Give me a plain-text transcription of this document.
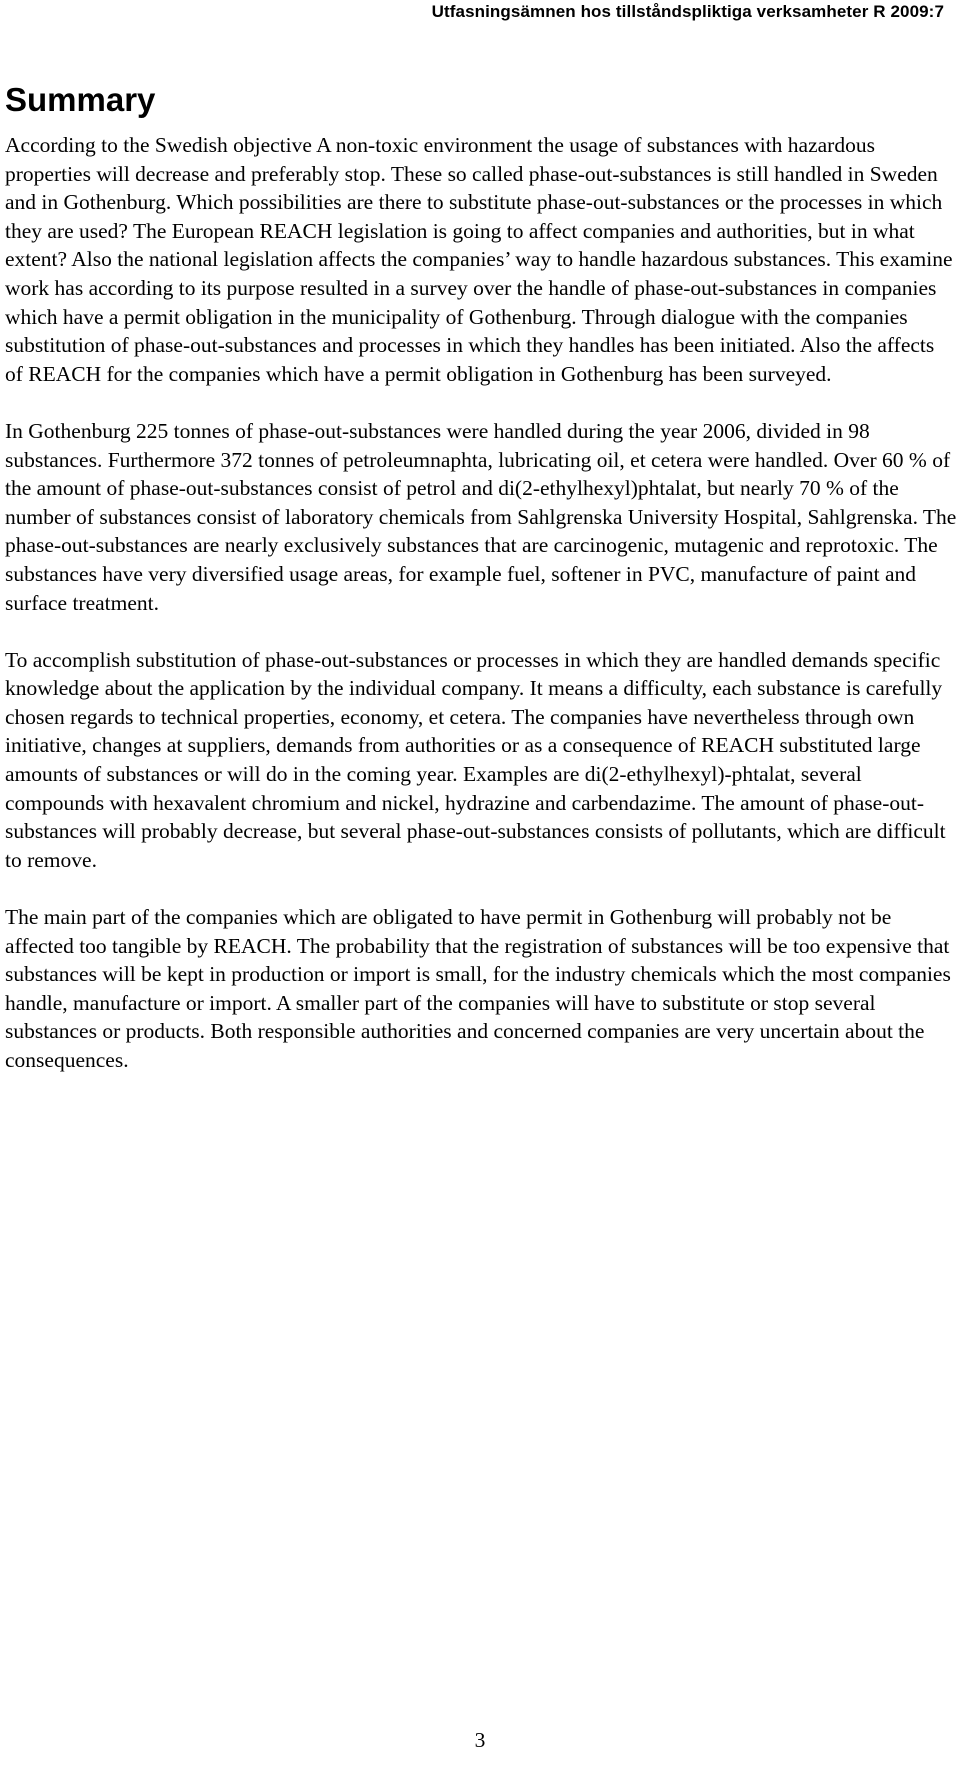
Utfasningsämnen hos tillståndspliktiga verksamheter R 2009:7
Summary

According to the Swedish objective A non-toxic environment the usage of substances with hazardous properties will decrease and preferably stop. These so called phase-out-substances is still handled in Sweden and in Gothenburg. Which possibilities are there to substitute phase-out-substances or the processes in which they are used? The European REACH legislation is going to affect companies and authorities, but in what extent? Also the national legislation affects the companies’ way to handle hazardous substances. This examine work has according to its purpose resulted in a survey over the handle of phase-out-substances in companies which have a permit obligation in the municipality of Gothenburg. Through dialogue with the companies substitution of phase-out-substances and processes in which they handles has been initiated. Also the affects of REACH for the companies which have a permit obligation in Gothenburg has been surveyed.

In Gothenburg 225 tonnes of phase-out-substances were handled during the year 2006, divided in 98 substances. Furthermore 372 tonnes of petroleumnaphta, lubricating oil, et cetera were handled. Over 60 % of the amount of phase-out-substances consist of petrol and di(2-ethylhexyl)phtalat, but nearly 70 % of the number of substances consist of laboratory chemicals from Sahlgrenska University Hospital, Sahlgrenska. The phase-out-substances are nearly exclusively substances that are carcinogenic, mutagenic and reprotoxic. The substances have very diversified usage areas, for example fuel, softener in PVC, manufacture of paint and surface treatment.

To accomplish substitution of phase-out-substances or processes in which they are handled demands specific knowledge about the application by the individual company. It means a difficulty, each substance is carefully chosen regards to technical properties, economy, et cetera. The companies have nevertheless through own initiative, changes at suppliers, demands from authorities or as a consequence of REACH substituted large amounts of substances or will do in the coming year. Examples are di(2-ethylhexyl)-phtalat, several compounds with hexavalent chromium and nickel, hydrazine and carbendazime. The amount of phase-out-substances will probably decrease, but several phase-out-substances consists of pollutants, which are difficult to remove.

The main part of the companies which are obligated to have permit in Gothenburg will probably not be affected too tangible by REACH. The probability that the registration of substances will be too expensive that substances will be kept in production or import is small, for the industry chemicals which the most companies handle, manufacture or import. A smaller part of the companies will have to substitute or stop several substances or products. Both responsible authorities and concerned companies are very uncertain about the consequences.

3
